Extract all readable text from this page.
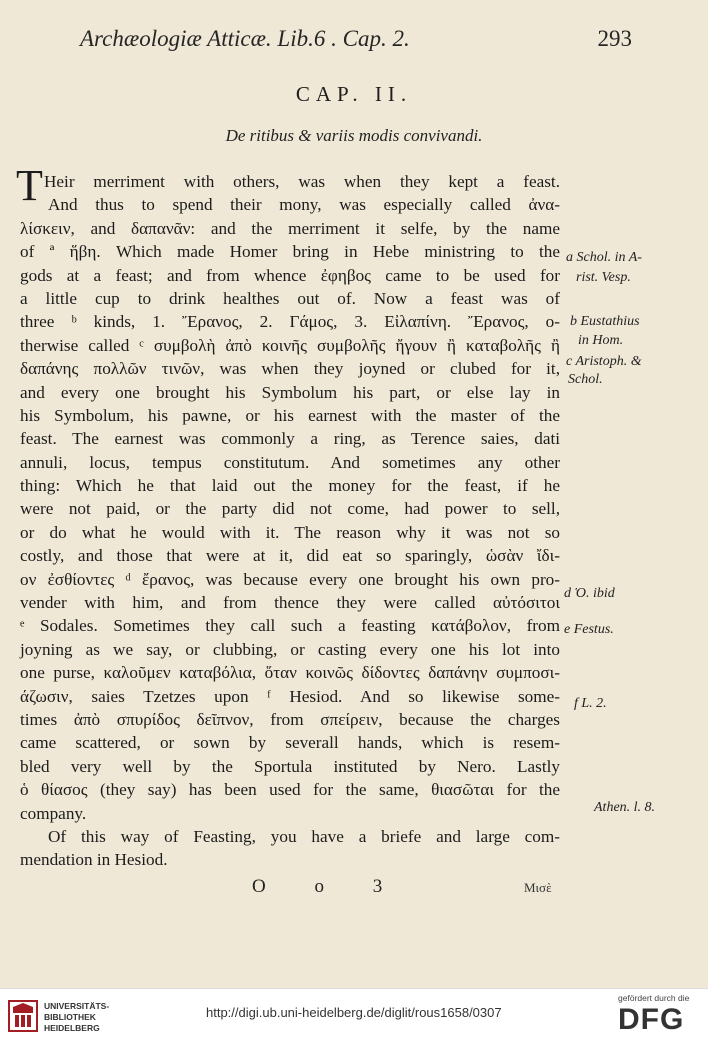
Archæologiæ Atticæ. Lib.6 . Cap. 2.	293
CAP. II.
De ritibus & variis modis convivandi.
T Heir merriment with others, was when they kept a feast.
And thus to spend their mony, was especially called ἀνα-
λίσκειν, and δαπανᾶν: and the merriment it selfe, by the name
of ª ἥβη. Which made Homer bring in Hebe ministring to the
gods at a feast; and from whence ἐφηβος came to be used for
a little cup to drink healthes out of. Now a feast was of
three ᵇ kinds, 1. Ἔρανος, 2. Γάμος, 3. Εἰλαπίνη. Ἔρανος, o-
therwise called ᶜ συμβολὴ ἀπὸ κοινῆς συμβολῆς ἤγουν ἢ καταβολῆς ἢ
δαπάνης πολλῶν τινῶν, was when they joyned or clubed for it,
and every one brought his Symbolum his part, or else lay in
his Symbolum, his pawne, or his earnest with the master of the
feast. The earnest was commonly a ring, as Terence saies, dati
annuli, locus, tempus constitutum. And sometimes any other
thing: Which he that laid out the money for the feast, if he
were not paid, or the party did not come, had power to sell,
or do what he would with it. The reason why it was not so
costly, and those that were at it, did eat so sparingly, ὡσὰν ἴδι-
ον ἐσθίοντες ᵈ ἔρανος, was because every one brought his own pro-
vender with him, and from thence they were called αὐτόσιτοι
ᵉ Sodales. Sometimes they call such a feasting κατάβολον, from
joyning as we say, or clubbing, or casting every one his lot into
one purse, καλοῦμεν καταβόλια, ὅταν κοινῶς δίδοντες δαπάνην συμποσι-
άζωσιν, saies Tzetzes upon ᶠ Hesiod. And so likewise some-
times ἀπὸ σπυρίδος δεῖπνον, from σπείρειν, because the charges
came scattered, or sown by severall hands, which is resem-
bled very well by the Sportula instituted by Nero. Lastly
ὁ θίασος (they say) has been used for the same, θιασῶται for the
company.
Of this way of Feasting, you have a briefe and large com-
mendation in Hesiod.
a Schol. in A-
rist. Vesp.
b Eustathius
in Hom.
c Aristoph. &
Schol.
d Ὁ. ibid
e Festus.
f L. 2.
Athen. l. 8.
O o 3	Μισὲ
UNIVERSITÄTS-
BIBLIOTHEK
HEIDELBERG
http://digi.ub.uni-heidelberg.de/diglit/rous1658/0307
gefördert durch die
DFG
